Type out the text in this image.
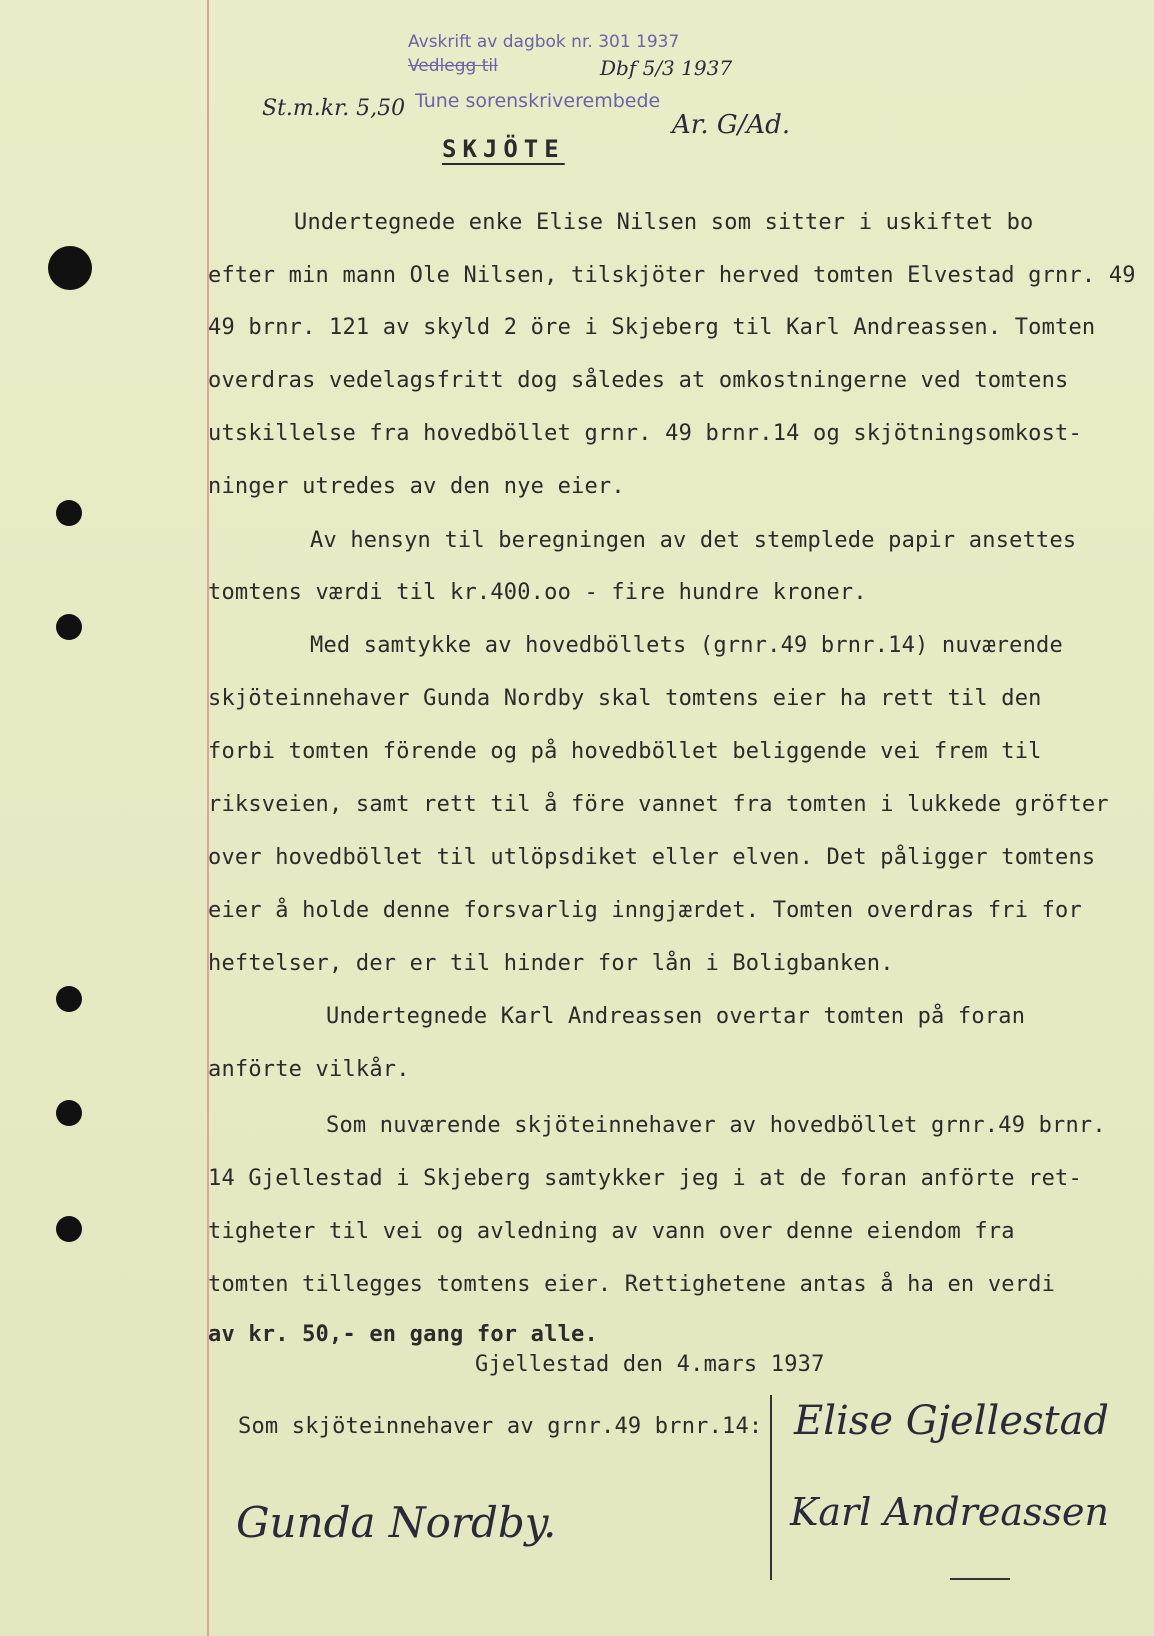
Avskrift av dagbok nr. 301 1937
Vedlegg til	Dbf 5/3 1937
Tune sorenskriverembede
St.m.kr. 5,50
Ar. G/Ad.
SKJÖTE
Undertegnede enke Elise Nilsen som sitter i uskiftet bo
efter min mann Ole Nilsen, tilskjöter herved tomten Elvestad grnr. 49
49 brnr. 121 av skyld 2 öre i Skjeberg til Karl Andreassen. Tomten
overdras vedelagsfritt dog således at omkostningerne ved tomtens
utskillelse fra hovedböllet grnr. 49 brnr.14 og skjötningsomkost-
ninger utredes av den nye eier.
Av hensyn til beregningen av det stemplede papir ansettes
tomtens værdi til kr.400.oo - fire hundre kroner.
Med samtykke av hovedböllets (grnr.49 brnr.14) nuværende
skjöteinnehaver Gunda Nordby skal tomtens eier ha rett til den
forbi tomten förende og på hovedböllet beliggende vei frem til
riksveien, samt rett til å före vannet fra tomten i lukkede gröfter
over hovedböllet til utlöpsdiket eller elven. Det påligger tomtens
eier å holde denne forsvarlig inngjærdet. Tomten overdras fri for
heftelser, der er til hinder for lån i Boligbanken.
Undertegnede Karl Andreassen overtar tomten på foran
anförte vilkår.
Som nuværende skjöteinnehaver av hovedböllet grnr.49 brnr.
14 Gjellestad i Skjeberg samtykker jeg i at de foran anförte ret-
tigheter til vei og avledning av vann over denne eiendom fra
tomten tillegges tomtens eier. Rettighetene antas å ha en verdi
av kr. 50,- en gang for alle.
Gjellestad den 4.mars 1937
Som skjöteinnehaver av grnr.49 brnr.14: Elise Gjellestad
Karl Andreassen
Gunda Nordby.
